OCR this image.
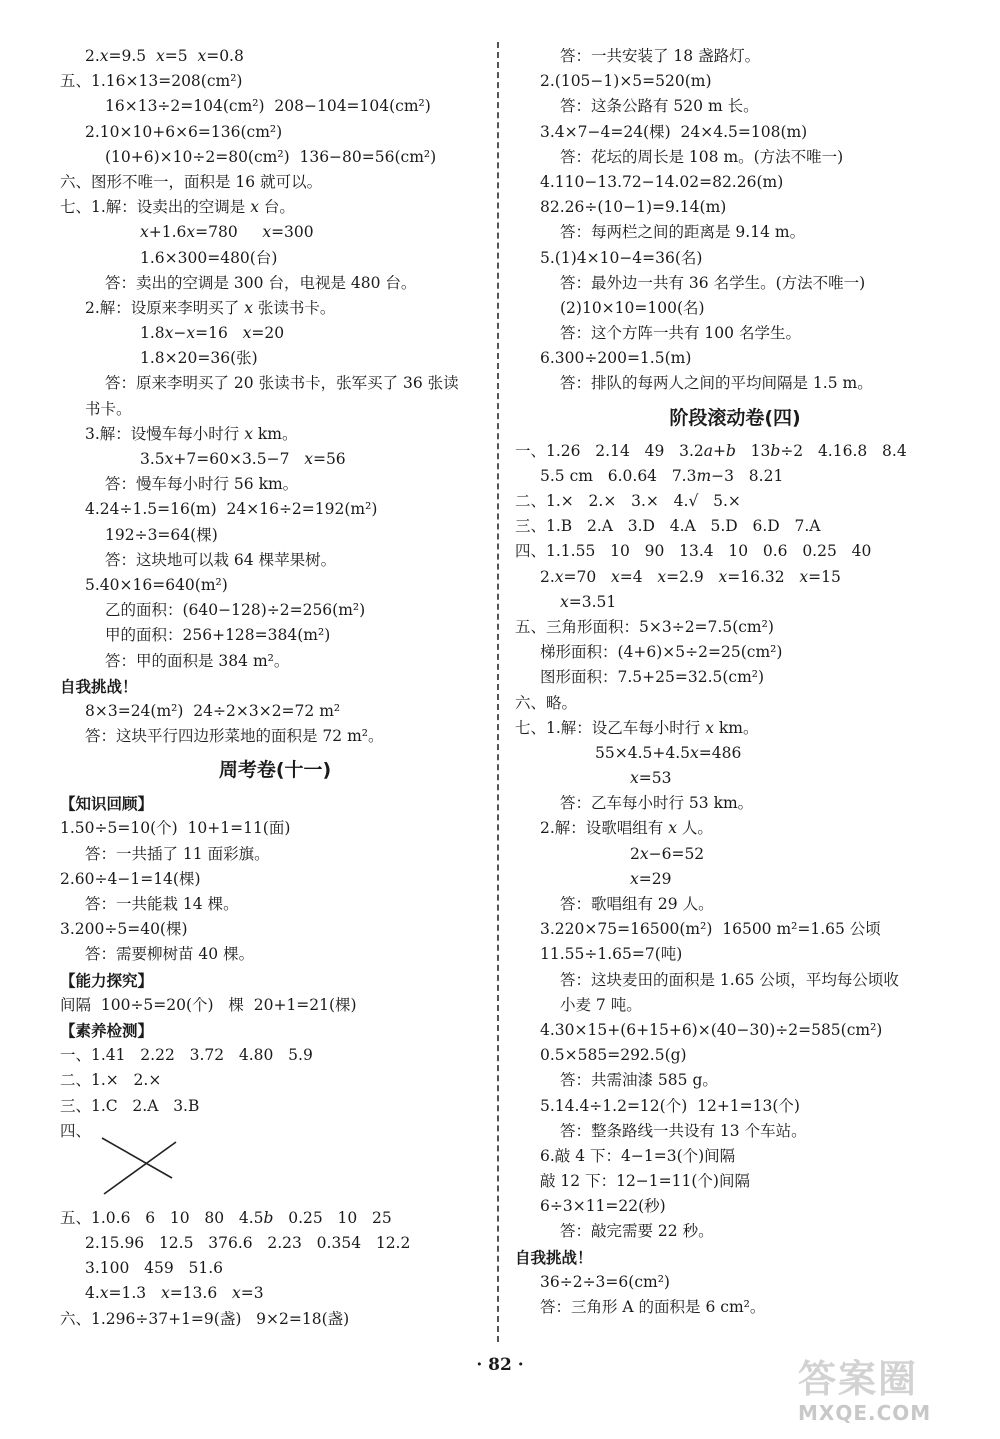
2.𝑥=9.5  𝑥=5  𝑥=0.8
五、1.16×13=208(cm²)
16×13÷2=104(cm²)  208−104=104(cm²)
2.10×10+6×6=136(cm²)
(10+6)×10÷2=80(cm²)  136−80=56(cm²)
六、图形不唯一，面积是 16 就可以。
七、1.解：设卖出的空调是 𝑥 台。
𝑥+1.6𝑥=780     𝑥=300
1.6×300=480(台)
答：卖出的空调是 300 台，电视是 480 台。
2.解：设原来李明买了 𝑥 张读书卡。
1.8𝑥−𝑥=16   𝑥=20
1.8×20=36(张)
答：原来李明买了 20 张读书卡，张军买了 36 张读
书卡。
3.解：设慢车每小时行 𝑥 km。
3.5𝑥+7=60×3.5−7   𝑥=56
答：慢车每小时行 56 km。
4.24÷1.5=16(m)  24×16÷2=192(m²)
192÷3=64(棵)
答：这块地可以栽 64 棵苹果树。
5.40×16=640(m²)
乙的面积：(640−128)÷2=256(m²)
甲的面积：256+128=384(m²)
答：甲的面积是 384 m²。
自我挑战！
8×3=24(m²)  24÷2×3×2=72 m²
答：这块平行四边形菜地的面积是 72 m²。
周考卷(十一)
【知识回顾】
1.50÷5=10(个)  10+1=11(面)
答：一共插了 11 面彩旗。
2.60÷4−1=14(棵)
答：一共能栽 14 棵。
3.200÷5=40(棵)
答：需要柳树苗 40 棵。
【能力探究】
间隔  100÷5=20(个)   棵  20+1=21(棵)
【素养检测】
一、1.41   2.22   3.72   4.80   5.9
二、1.×   2.×
三、1.C   2.A   3.B
四、
五、1.0.6   6   10   80   4.5𝑏   0.25   10   25
2.15.96   12.5   376.6   2.23   0.354   12.2
3.100   459   51.6
4.𝑥=1.3   𝑥=13.6   𝑥=3
六、1.296÷37+1=9(盏)   9×2=18(盏)
答：一共安装了 18 盏路灯。
2.(105−1)×5=520(m)
答：这条公路有 520 m 长。
3.4×7−4=24(棵)  24×4.5=108(m)
答：花坛的周长是 108 m。(方法不唯一)
4.110−13.72−14.02=82.26(m)
82.26÷(10−1)=9.14(m)
答：每两栏之间的距离是 9.14 m。
5.(1)4×10−4=36(名)
答：最外边一共有 36 名学生。(方法不唯一)
(2)10×10=100(名)
答：这个方阵一共有 100 名学生。
6.300÷200=1.5(m)
答：排队的每两人之间的平均间隔是 1.5 m。
阶段滚动卷(四)
一、1.26   2.14   49   3.2𝑎+𝑏   13𝑏÷2   4.16.8   8.4
5.5 cm   6.0.64   7.3𝑚−3   8.21
二、1.×   2.×   3.×   4.√   5.×
三、1.B   2.A   3.D   4.A   5.D   6.D   7.A
四、1.1.55   10   90   13.4   10   0.6   0.25   40
2.𝑥=70   𝑥=4   𝑥=2.9   𝑥=16.32   𝑥=15
𝑥=3.51
五、三角形面积：5×3÷2=7.5(cm²)
梯形面积：(4+6)×5÷2=25(cm²)
图形面积：7.5+25=32.5(cm²)
六、略。
七、1.解：设乙车每小时行 𝑥 km。
55×4.5+4.5𝑥=486
𝑥=53
答：乙车每小时行 53 km。
2.解：设歌唱组有 𝑥 人。
2𝑥−6=52
𝑥=29
答：歌唱组有 29 人。
3.220×75=16500(m²)  16500 m²=1.65 公顷
11.55÷1.65=7(吨)
答：这块麦田的面积是 1.65 公顷，平均每公顷收
小麦 7 吨。
4.30×15+(6+15+6)×(40−30)÷2=585(cm²)
0.5×585=292.5(g)
答：共需油漆 585 g。
5.14.4÷1.2=12(个)  12+1=13(个)
答：整条路线一共设有 13 个车站。
6.敲 4 下：4−1=3(个)间隔
敲 12 下：12−1=11(个)间隔
6÷3×11=22(秒)
答：敲完需要 22 秒。
自我挑战！
36÷2÷3=6(cm²)
答：三角形 A 的面积是 6 cm²。
· 82 ·	答案圈
MXQE.COM
